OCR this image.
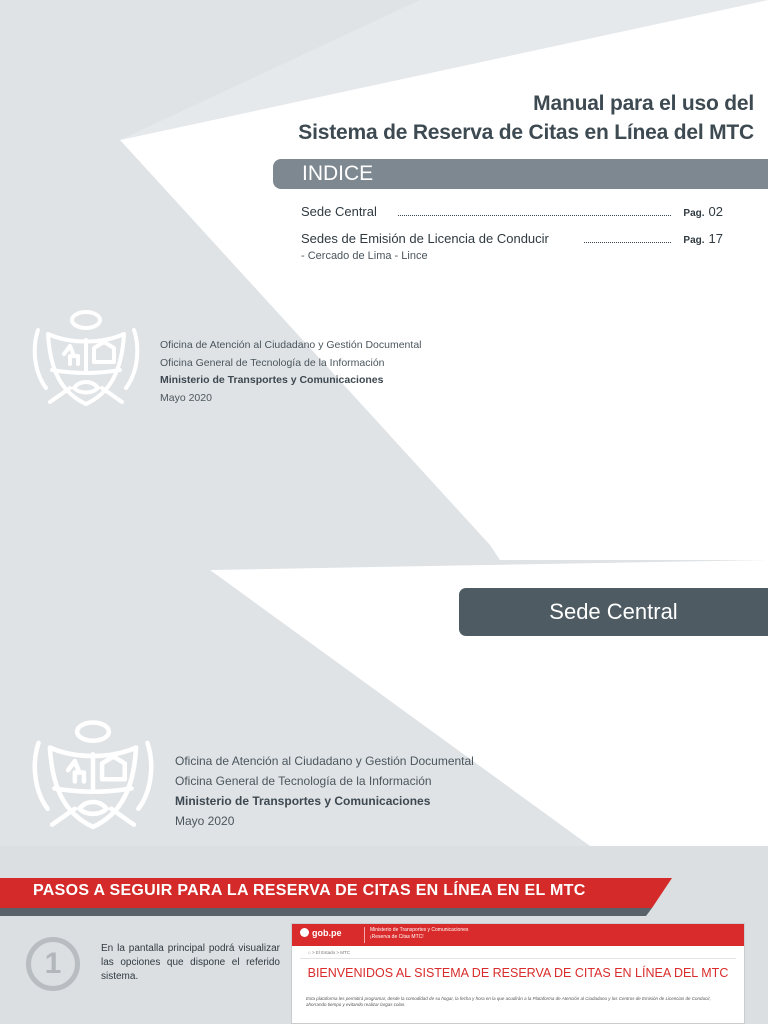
Manual para el uso del
Sistema de Reserva de Citas en Línea del MTC
INDICE
Sede Central	Pag. 02
Sedes de Emisión de Licencia de Conducir	Pag. 17
- Cercado de Lima - Lince
Oficina de Atención al Ciudadano y Gestión Documental
Oficina General de Tecnología de la Información
Ministerio de Transportes y Comunicaciones
Mayo 2020
Sede Central
Oficina de Atención al Ciudadano y Gestión Documental
Oficina General de Tecnología de la Información
Ministerio de Transportes y Comunicaciones
Mayo 2020
PASOS A SEGUIR PARA LA RESERVA DE CITAS EN LÍNEA EN EL MTC
1	En la pantalla principal podrá visualizar las opciones que dispone el referido sistema.
gob.pe	Ministerio de Transportes y Comunicaciones
¡Reserva de Citas MTC!
⌂ > El Estado > MTC
BIENVENIDOS AL SISTEMA DE RESERVA DE CITAS EN LÍNEA DEL MTC
Esta plataforma les permitirá programar, desde la comodidad de su hogar, la fecha y hora en la que acudirán a la Plataforma de Atención al Ciudadano y los Centros de Emisión de Licencias de Conducir, ahorrando tiempo y evitando realizar largas colas.
